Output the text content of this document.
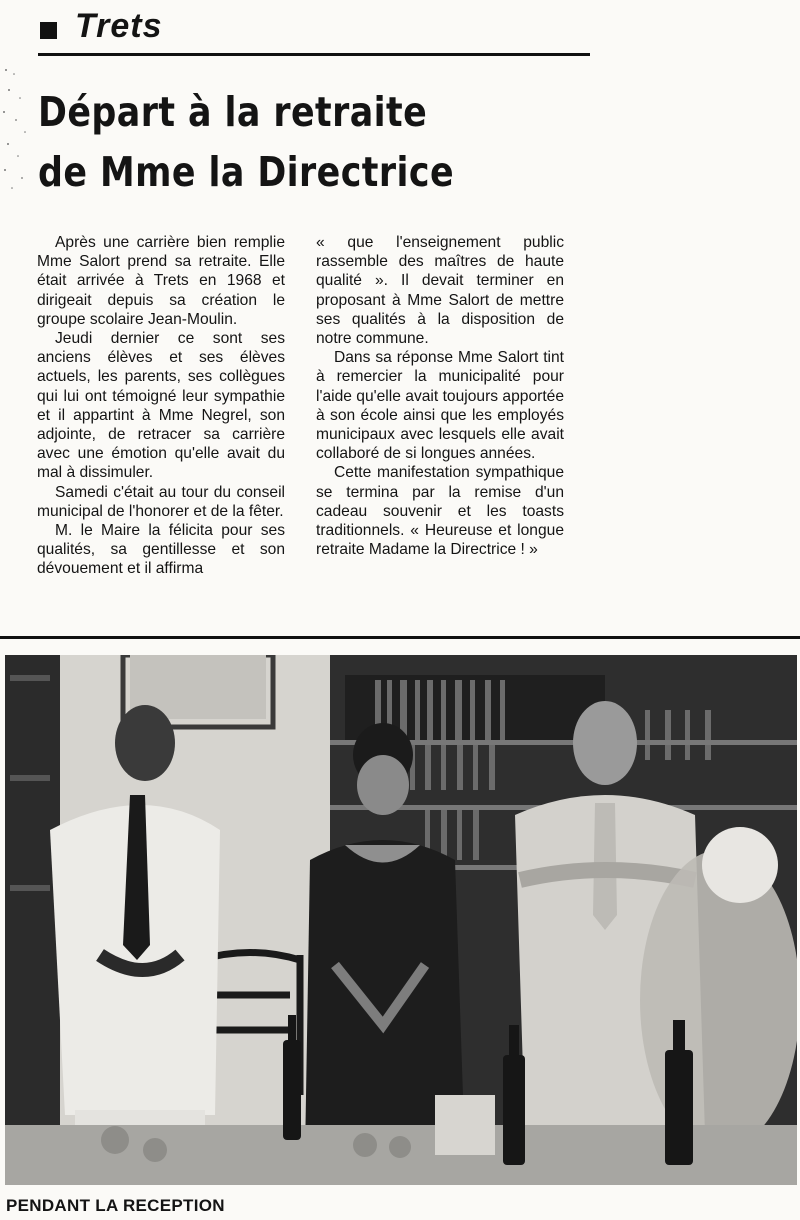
Trets
Départ à la retraite
de Mme la Directrice

Après une carrière bien remplie Mme Salort prend sa retraite. Elle était arrivée à Trets en 1968 et dirigeait depuis sa création le groupe scolaire Jean-Moulin.

Jeudi dernier ce sont ses anciens élèves et ses élèves actuels, les parents, ses collègues qui lui ont témoigné leur sympathie et il appartint à Mme Negrel, son adjointe, de retracer sa carrière avec une émotion qu'elle avait du mal à dissimuler.

Samedi c'était au tour du conseil municipal de l'honorer et de la fêter.

M. le Maire la félicita pour ses qualités, sa gentillesse et son dévouement et il affirma

« que l'enseignement public rassemble des maîtres de haute qualité ». Il devait terminer en proposant à Mme Salort de mettre ses qualités à la disposition de notre commune.

Dans sa réponse Mme Salort tint à remercier la municipalité pour l'aide qu'elle avait toujours apportée à son école ainsi que les employés municipaux avec lesquels elle avait collaboré de si longues années.

Cette manifestation sympathique se termina par la remise d'un cadeau souvenir et les toasts traditionnels. « Heureuse et longue retraite Madame la Directrice ! »

PENDANT LA RECEPTION
